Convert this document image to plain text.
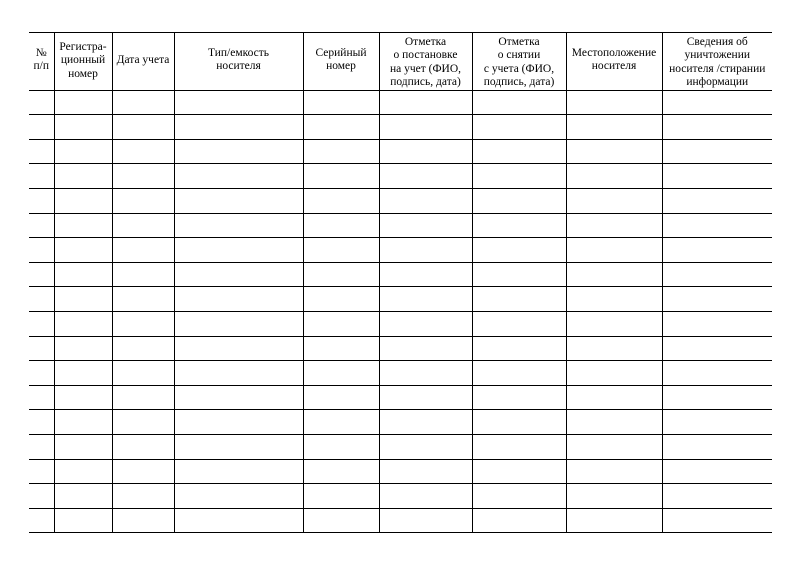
№
п/п	Регистра-
ционный
номер	Дата учета	Тип/емкость
носителя	Серийный
номер	Отметка
о постановке
на учет (ФИО,
подпись, дата)	Отметка
о снятии
с учета (ФИО,
подпись, дата)	Местоположение
носителя	Сведения об
уничтожении
носителя /стирании
информации
